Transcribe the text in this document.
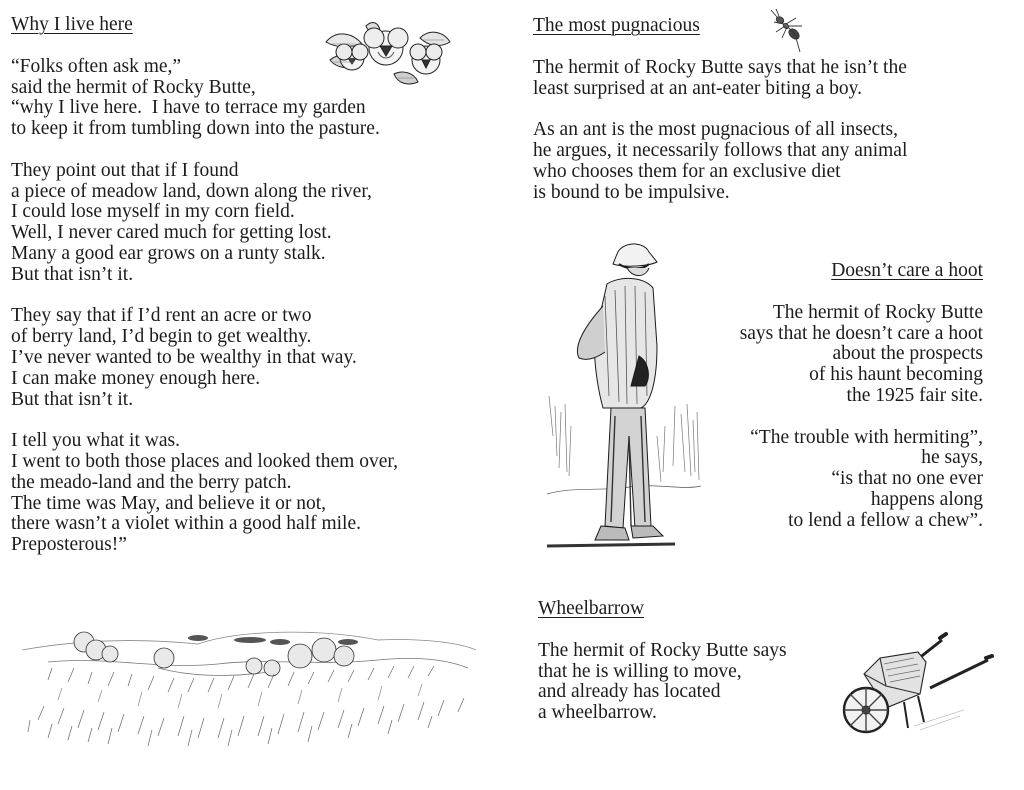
Why I live here
“Folks often ask me,”
said the hermit of Rocky Butte,
“why I live here.  I have to terrace my garden
to keep it from tumbling down into the pasture.
They point out that if I found
a piece of meadow land, down along the river,
I could lose myself in my corn field.
Well, I never cared much for getting lost.
Many a good ear grows on a runty stalk.
But that isn’t it.
They say that if I’d rent an acre or two
of berry land, I’d begin to get wealthy.
I’ve never wanted to be wealthy in that way.
I can make money enough here.
But that isn’t it.
I tell you what it was.
I went to both those places and looked them over,
the meado-land and the berry patch.
The time was May, and believe it or not,
there wasn’t a violet within a good half mile.
Preposterous!”
The most pugnacious
The hermit of Rocky Butte says that he isn’t the
least surprised at an ant-eater biting a boy.
As an ant is the most pugnacious of all insects,
he argues, it necessarily follows that any animal
who chooses them for an exclusive diet
is bound to be impulsive.
Doesn’t care a hoot
The hermit of Rocky Butte
says that he doesn’t care a hoot
about the prospects
of his haunt becoming
the 1925 fair site.
“The trouble with hermiting”,
he says,
“is that no one ever
happens along
to lend a fellow a chew”.
Wheelbarrow
The hermit of Rocky Butte says
that he is willing to move,
and already has located
a wheelbarrow.
